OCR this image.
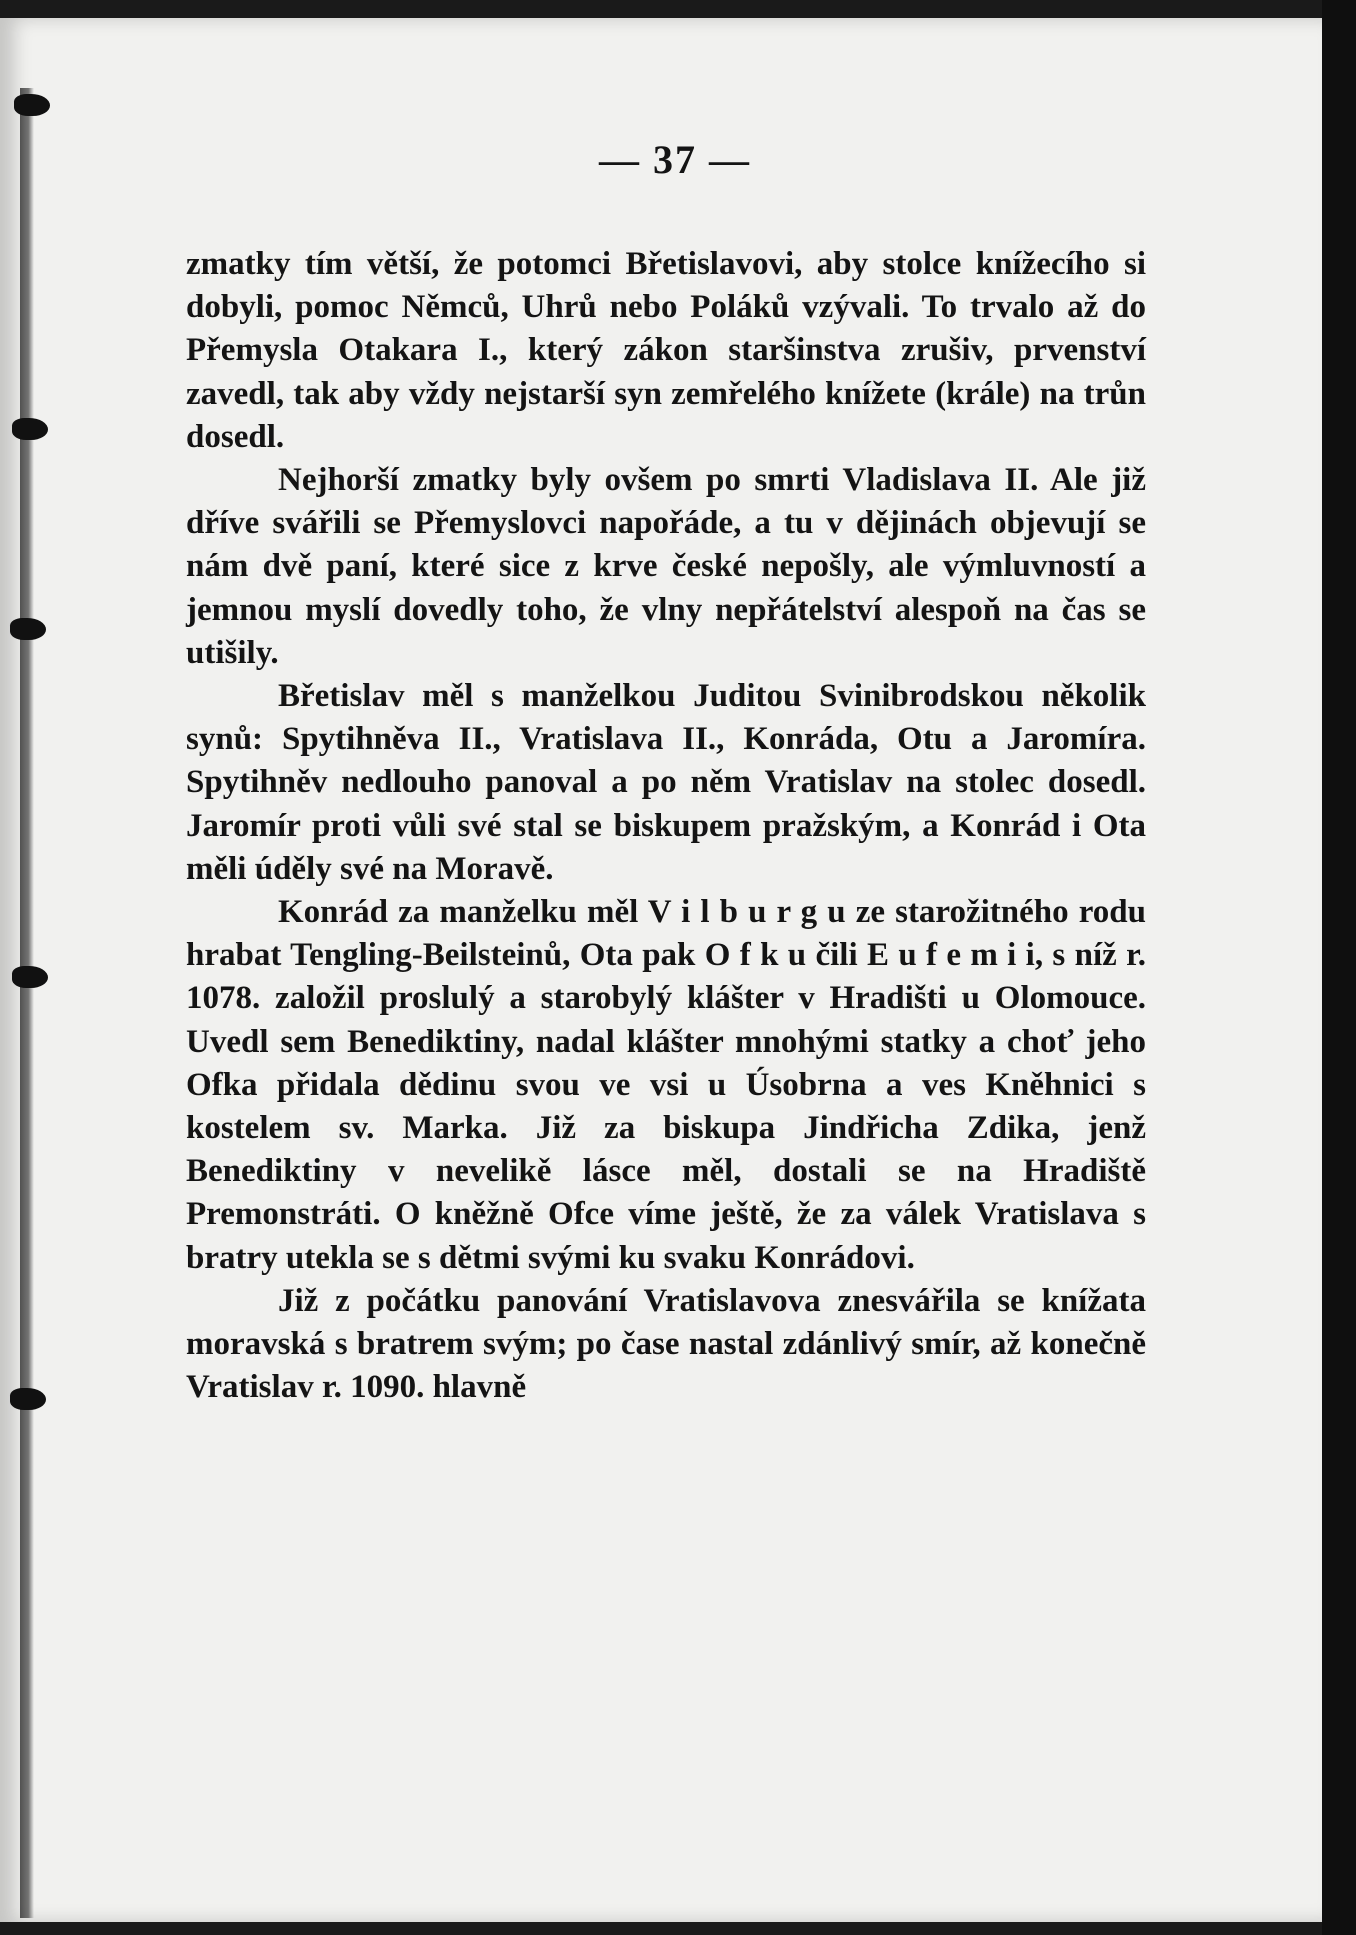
— 37 —

zmatky tím větší, že potomci Břetislavovi, aby stolce knížecího si dobyli, pomoc Němců, Uhrů nebo Poláků vzývali. To trvalo až do Přemysla Otakara I., který zákon staršinstva zrušiv, prvenství zavedl, tak aby vždy nejstarší syn zemřelého knížete (krále) na trůn dosedl.

Nejhorší zmatky byly ovšem po smrti Vladislava II. Ale již dříve svářili se Přemyslovci napořáde, a tu v dějinách objevují se nám dvě paní, které sice z krve české nepošly, ale výmluvností a jemnou myslí dovedly toho, že vlny nepřátelství alespoň na čas se utišily.

Břetislav měl s manželkou Juditou Svinibrodskou několik synů: Spytihněva II., Vratislava II., Konráda, Otu a Jaromíra. Spytihněv nedlouho panoval a po něm Vratislav na stolec dosedl. Jaromír proti vůli své stal se biskupem pražským, a Konrád i Ota měli úděly své na Moravě.

Konrád za manželku měl V i l b u r g u ze starožitného rodu hrabat Tengling-Beilsteinů, Ota pak O f k u čili E u f e m i i, s níž r. 1078. založil proslulý a starobylý klášter v Hradišti u Olomouce. Uvedl sem Benediktiny, nadal klášter mnohými statky a choť jeho Ofka přidala dědinu svou ve vsi u Úsobrna a ves Kněhnici s kostelem sv. Marka. Již za biskupa Jindřicha Zdika, jenž Benediktiny v nevelikě lásce měl, dostali se na Hradiště Premonstráti. O kněžně Ofce víme ještě, že za válek Vratislava s bratry utekla se s dětmi svými ku svaku Konrádovi.

Již z počátku panování Vratislavova znesvářila se knížata moravská s bratrem svým; po čase nastal zdánlivý smír, až konečně Vratislav r. 1090. hlavně
